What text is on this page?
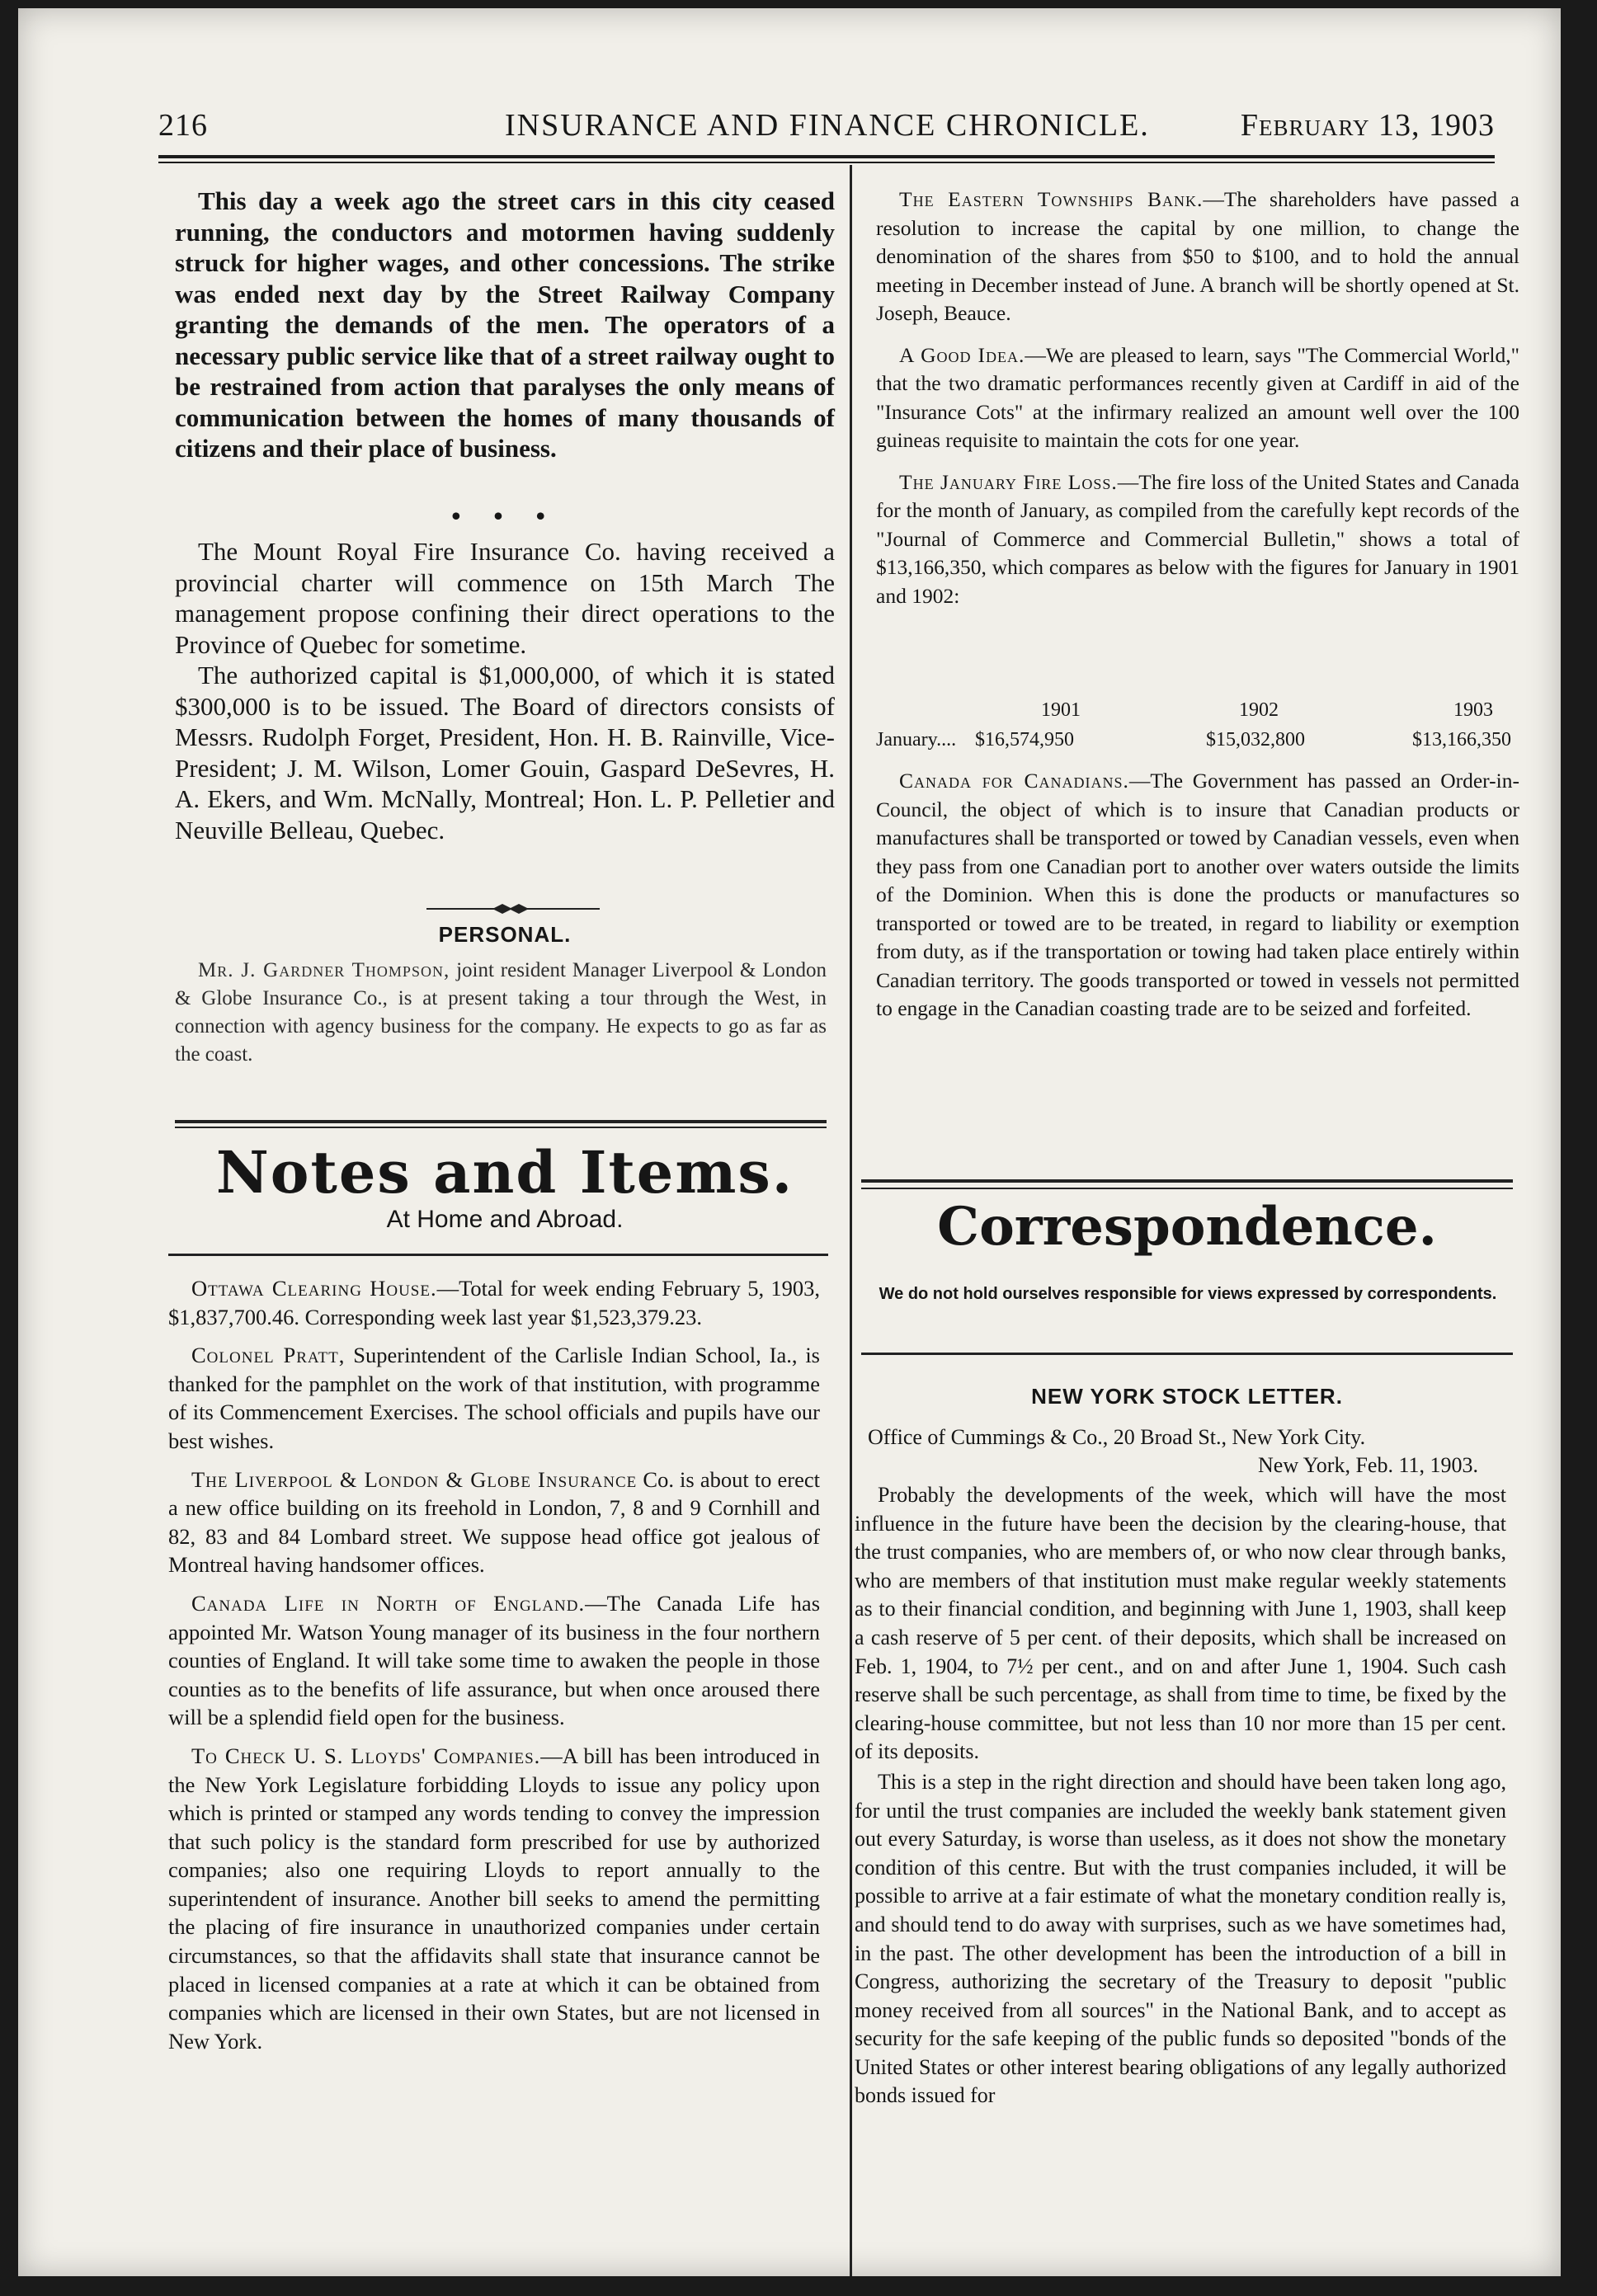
216	INSURANCE AND FINANCE CHRONICLE.	February 13, 1903

This day a week ago the street cars in this city ceased running, the conductors and motormen having suddenly struck for higher wages, and other concessions. The strike was ended next day by the Street Railway Company granting the demands of the men. The operators of a necessary public service like that of a street railway ought to be restrained from action that paralyses the only means of communication between the homes of many thousands of citizens and their place of business.

• • •

The Mount Royal Fire Insurance Co. having received a provincial charter will commence on 15th March The management propose confining their direct operations to the Province of Quebec for sometime.

The authorized capital is $1,000,000, of which it is stated $300,000 is to be issued. The Board of directors consists of Messrs. Rudolph Forget, President, Hon. H. B. Rainville, Vice-President; J. M. Wilson, Lomer Gouin, Gaspard DeSevres, H. A. Ekers, and Wm. McNally, Montreal; Hon. L. P. Pelletier and Neuville Belleau, Quebec.

PERSONAL.

Mr. J. Gardner Thompson, joint resident Manager Liverpool & London & Globe Insurance Co., is at present taking a tour through the West, in connection with agency business for the company. He expects to go as far as the coast.

Notes and Items.
At Home and Abroad.

Ottawa Clearing House.—Total for week ending February 5, 1903, $1,837,700.46. Corresponding week last year $1,523,379.23.

Colonel Pratt, Superintendent of the Carlisle Indian School, Ia., is thanked for the pamphlet on the work of that institution, with programme of its Commencement Exercises. The school officials and pupils have our best wishes.

The Liverpool & London & Globe Insurance Co. is about to erect a new office building on its freehold in London, 7, 8 and 9 Cornhill and 82, 83 and 84 Lombard street. We suppose head office got jealous of Montreal having handsomer offices.

Canada Life in North of England.—The Canada Life has appointed Mr. Watson Young manager of its business in the four northern counties of England. It will take some time to awaken the people in those counties as to the benefits of life assurance, but when once aroused there will be a splendid field open for the business.

To Check U. S. Lloyds' Companies.—A bill has been introduced in the New York Legislature forbidding Lloyds to issue any policy upon which is printed or stamped any words tending to convey the impression that such policy is the standard form prescribed for use by authorized companies; also one requiring Lloyds to report annually to the superintendent of insurance. Another bill seeks to amend the permitting the placing of fire insurance in unauthorized companies under certain circumstances, so that the affidavits shall state that insurance cannot be placed in licensed companies at a rate at which it can be obtained from companies which are licensed in their own States, but are not licensed in New York.

The Eastern Townships Bank.—The shareholders have passed a resolution to increase the capital by one million, to change the denomination of the shares from $50 to $100, and to hold the annual meeting in December instead of June. A branch will be shortly opened at St. Joseph, Beauce.

A Good Idea.—We are pleased to learn, says "The Commercial World," that the two dramatic performances recently given at Cardiff in aid of the "Insurance Cots" at the infirmary realized an amount well over the 100 guineas requisite to maintain the cots for one year.

The January Fire Loss.—The fire loss of the United States and Canada for the month of January, as compiled from the carefully kept records of the "Journal of Commerce and Commercial Bulletin," shows a total of $13,166,350, which compares as below with the figures for January in 1901 and 1902:

1901	1902	1903
January.... $16,574,950	$15,032,800	$13,166,350

Canada for Canadians.—The Government has passed an Order-in-Council, the object of which is to insure that Canadian products or manufactures shall be transported or towed by Canadian vessels, even when they pass from one Canadian port to another over waters outside the limits of the Dominion. When this is done the products or manufactures so transported or towed are to be treated, in regard to liability or exemption from duty, as if the transportation or towing had taken place entirely within Canadian territory. The goods transported or towed in vessels not permitted to engage in the Canadian coasting trade are to be seized and forfeited.

Correspondence.
We do not hold ourselves responsible for views expressed by correspondents.
NEW YORK STOCK LETTER.
Office of Cummings & Co., 20 Broad St., New York City.
New York, Feb. 11, 1903.

Probably the developments of the week, which will have the most influence in the future have been the decision by the clearing-house, that the trust companies, who are members of, or who now clear through banks, who are members of that institution must make regular weekly statements as to their financial condition, and beginning with June 1, 1903, shall keep a cash reserve of 5 per cent. of their deposits, which shall be increased on Feb. 1, 1904, to 7½ per cent., and on and after June 1, 1904. Such cash reserve shall be such percentage, as shall from time to time, be fixed by the clearing-house committee, but not less than 10 nor more than 15 per cent. of its deposits.

This is a step in the right direction and should have been taken long ago, for until the trust companies are included the weekly bank statement given out every Saturday, is worse than useless, as it does not show the monetary condition of this centre. But with the trust companies included, it will be possible to arrive at a fair estimate of what the monetary condition really is, and should tend to do away with surprises, such as we have sometimes had, in the past. The other development has been the introduction of a bill in Congress, authorizing the secretary of the Treasury to deposit "public money received from all sources" in the National Bank, and to accept as security for the safe keeping of the public funds so deposited "bonds of the United States or other interest bearing obligations of any legally authorized bonds issued for
